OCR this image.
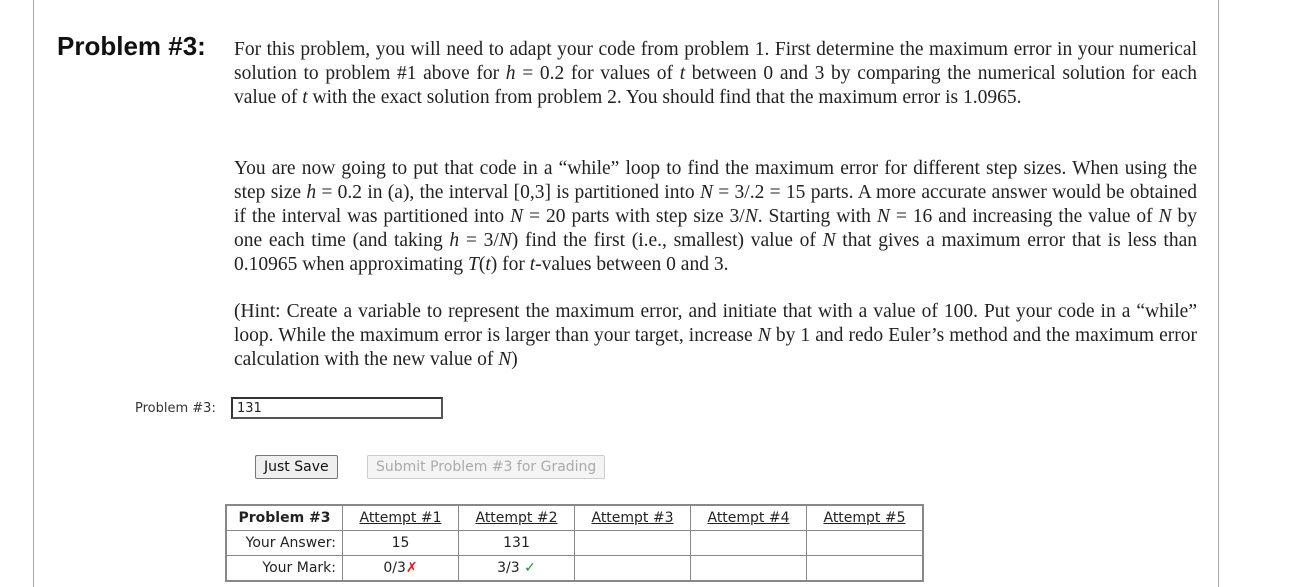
Problem #3: For this problem, you will need to adapt your code from problem 1. First determine the maximum error in your numerical solution to problem #1 above for h = 0.2 for values of t between 0 and 3 by comparing the numerical solution for each value of t with the exact solution from problem 2. You should find that the maximum error is 1.0965.
You are now going to put that code in a “while” loop to find the maximum error for different step sizes. When using the step size h = 0.2 in (a), the interval [0,3] is partitioned into N = 3/.2 = 15 parts. A more accurate answer would be obtained if the interval was partitioned into N = 20 parts with step size 3/N. Starting with N = 16 and increasing the value of N by one each time (and taking h = 3/N) find the first (i.e., smallest) value of N that gives a maximum error that is less than 0.10965 when approximating T(t) for t-values between 0 and 3.
(Hint: Create a variable to represent the maximum error, and initiate that with a value of 100. Put your code in a “while” loop. While the maximum error is larger than your target, increase N by 1 and redo Euler’s method and the maximum error calculation with the new value of N)
Problem #3:
131
Just Save	Submit Problem #3 for Grading
Problem #3	Attempt #1	Attempt #2	Attempt #3	Attempt #4	Attempt #5
Your Answer:	15	131			
Your Mark:	0/3✗	3/3 ✓			
